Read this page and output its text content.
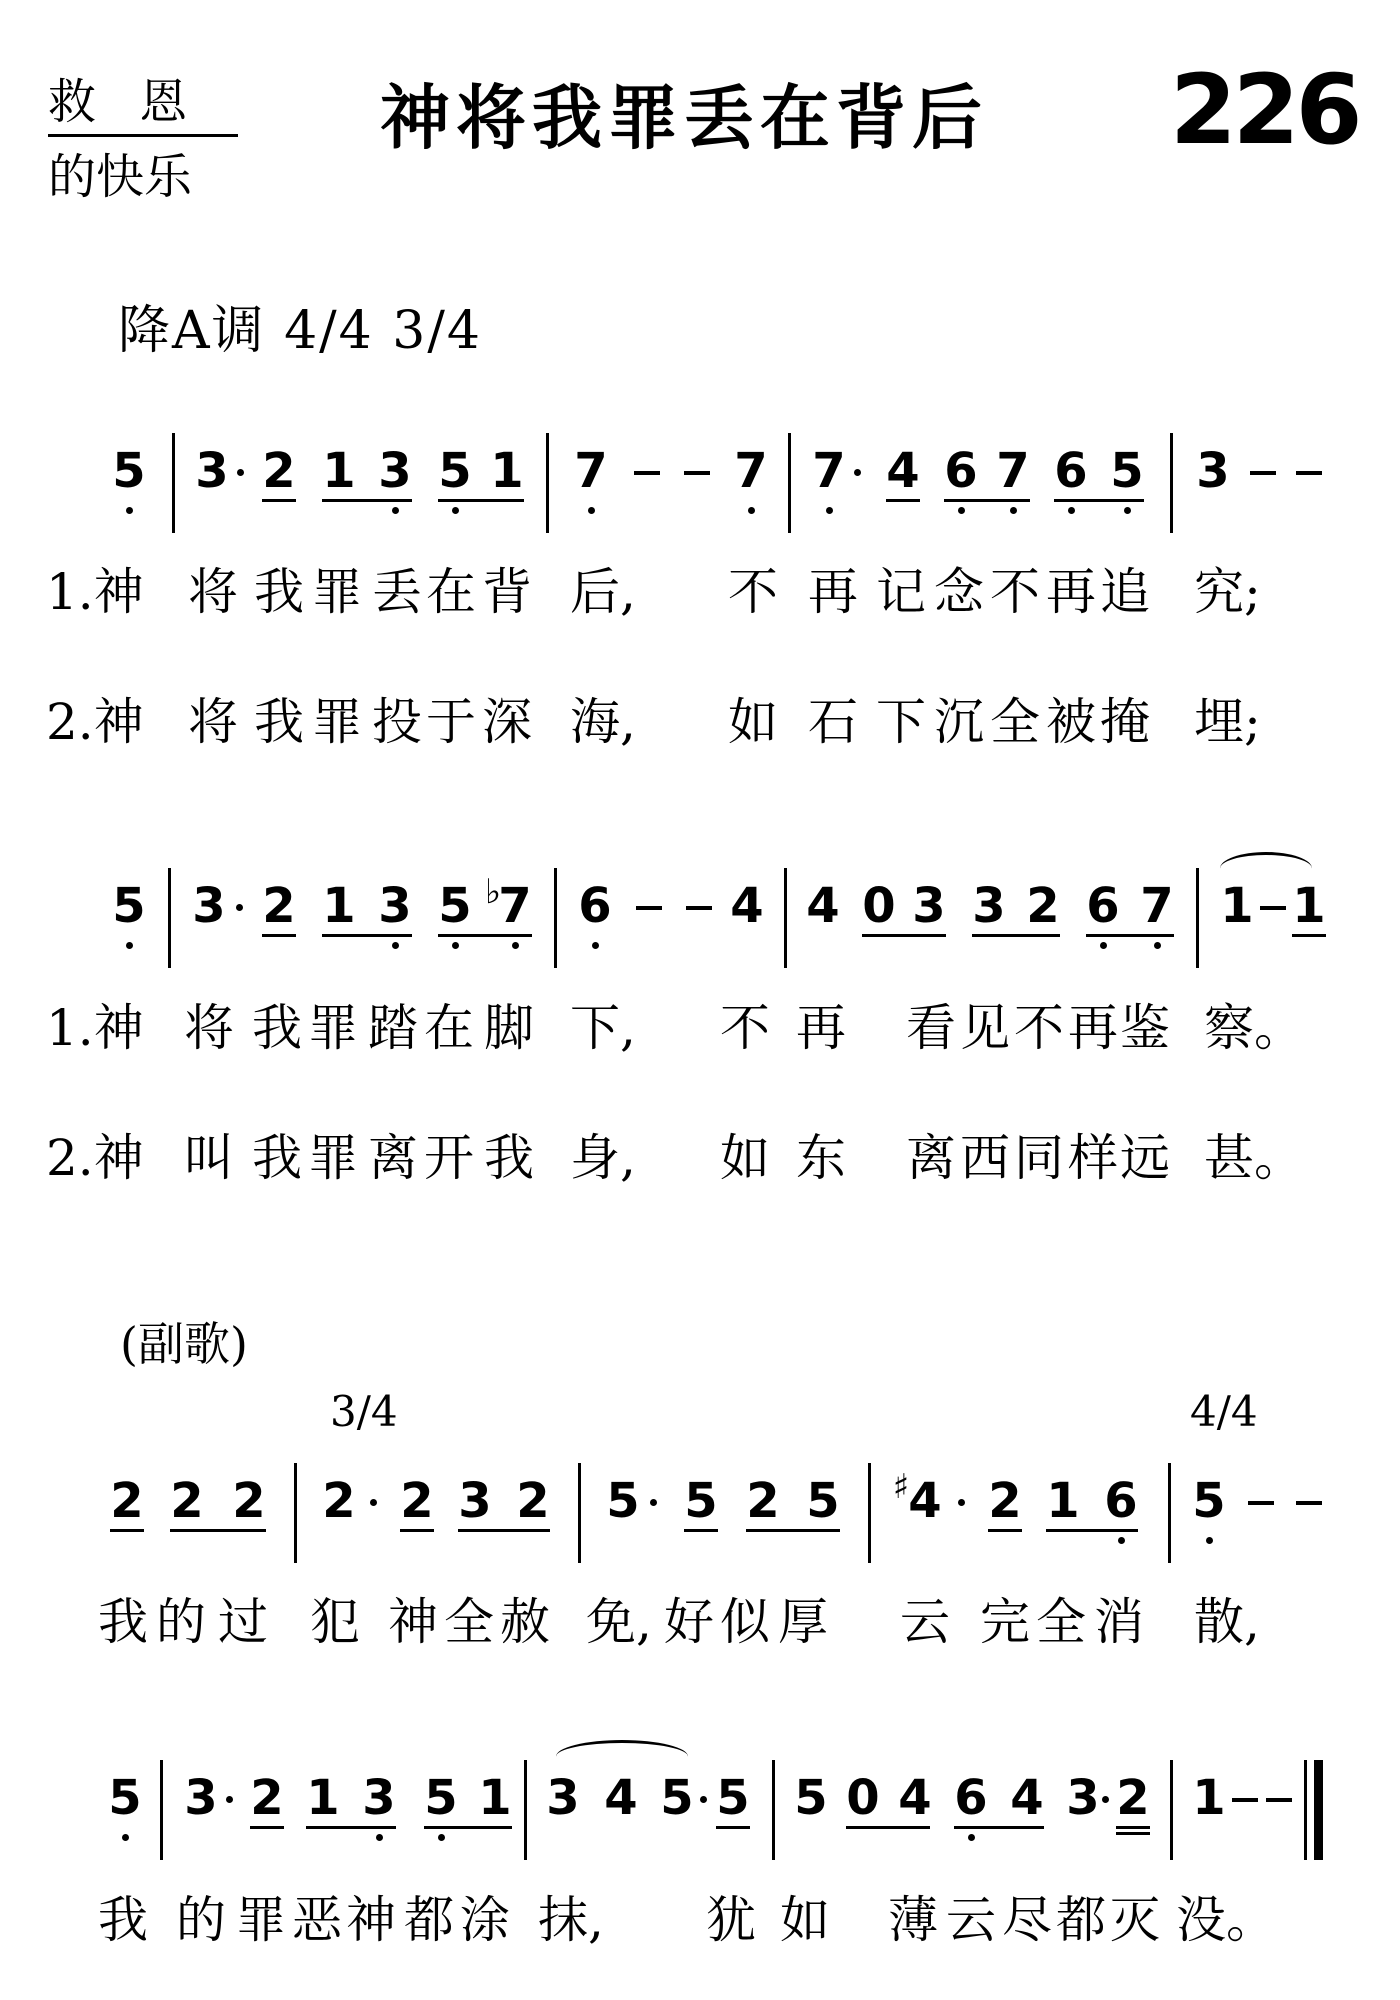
救 恩
的快乐
神将我罪丢在背后 226
降A调 4/4 3/4
5 3 2 1 3 5 1 7	7 7 4 6 7 6 5 3
1.神 将 我 罪 丢 在 背 后, 不 再 记 念 不 再 追 究;
2.神 将 我 罪 投 于 深 海, 如 石 下 沉 全 被 掩 埋;
5 3 2 1 3 5 ♭
7 6 4 4 0 3 3 2 6 7 1 1
1.神 将 我 罪 踏 在 脚 下, 不 再 看 见 不 再 鉴 察。
2.神 叫 我 罪 离 开 我 身, 如 东 离 西 同 样 远 甚。
(副歌)
3/4	4/4
2 2 2 2 2 3 2 5 5 2 5 ♯ 4 2 1 6 5
我 的 过 犯 神 全 赦 免, 好 似 厚 云 完 全 消 散,
5 3 2 1 3 5 1 3 4 5 5 5 0 4 6 4 3 2 1
我 的 罪 恶 神 都 涂 抹, 犹 如 薄 云 尽 都 灭 没。
